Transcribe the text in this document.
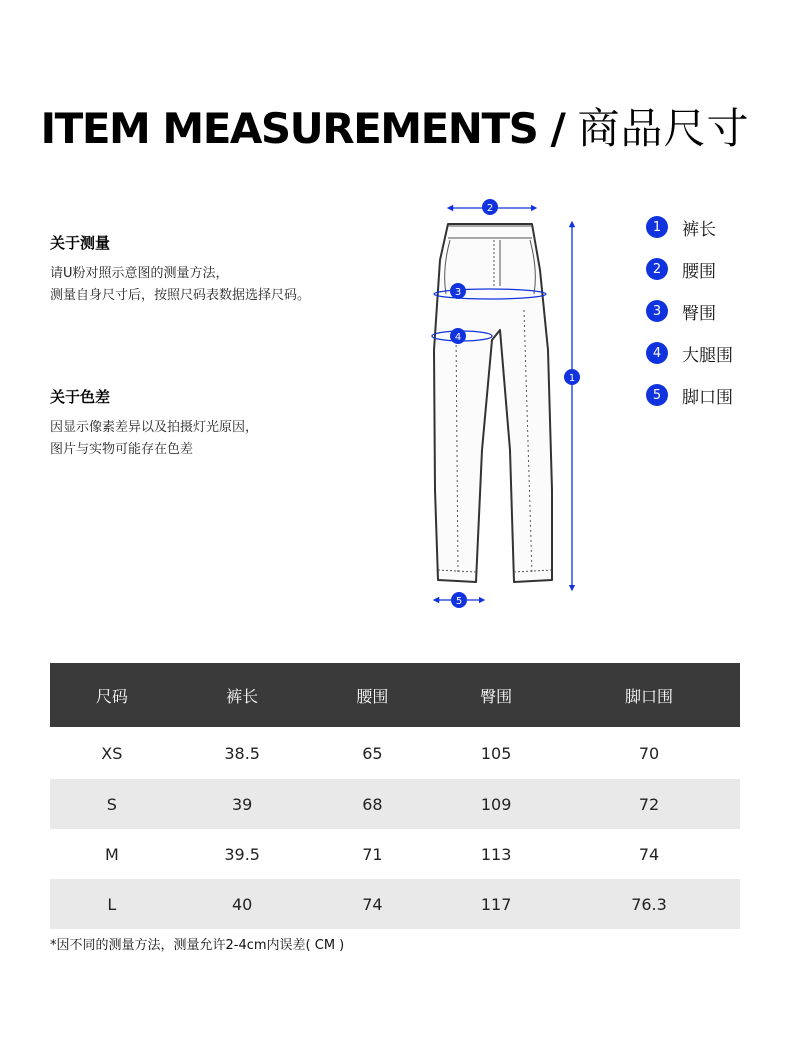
ITEM MEASUREMENTS / 商品尺寸
关于测量

请U粉对照示意图的测量方法，

测量自身尺寸后，按照尺码表数据选择尺码。

关于色差

因显示像素差异以及拍摄灯光原因，

图片与实物可能存在色差

1
2
3
4
5
1	裤长
2	腰围
3	臀围
4	大腿围
5	脚口围
尺码	裤长	腰围	臀围	脚口围
XS	38.5	65	105	70
S	39	68	109	72
M	39.5	71	113	74
L	40	74	117	76.3
*因不同的测量方法，测量允许2-4cm内误差( CM )
